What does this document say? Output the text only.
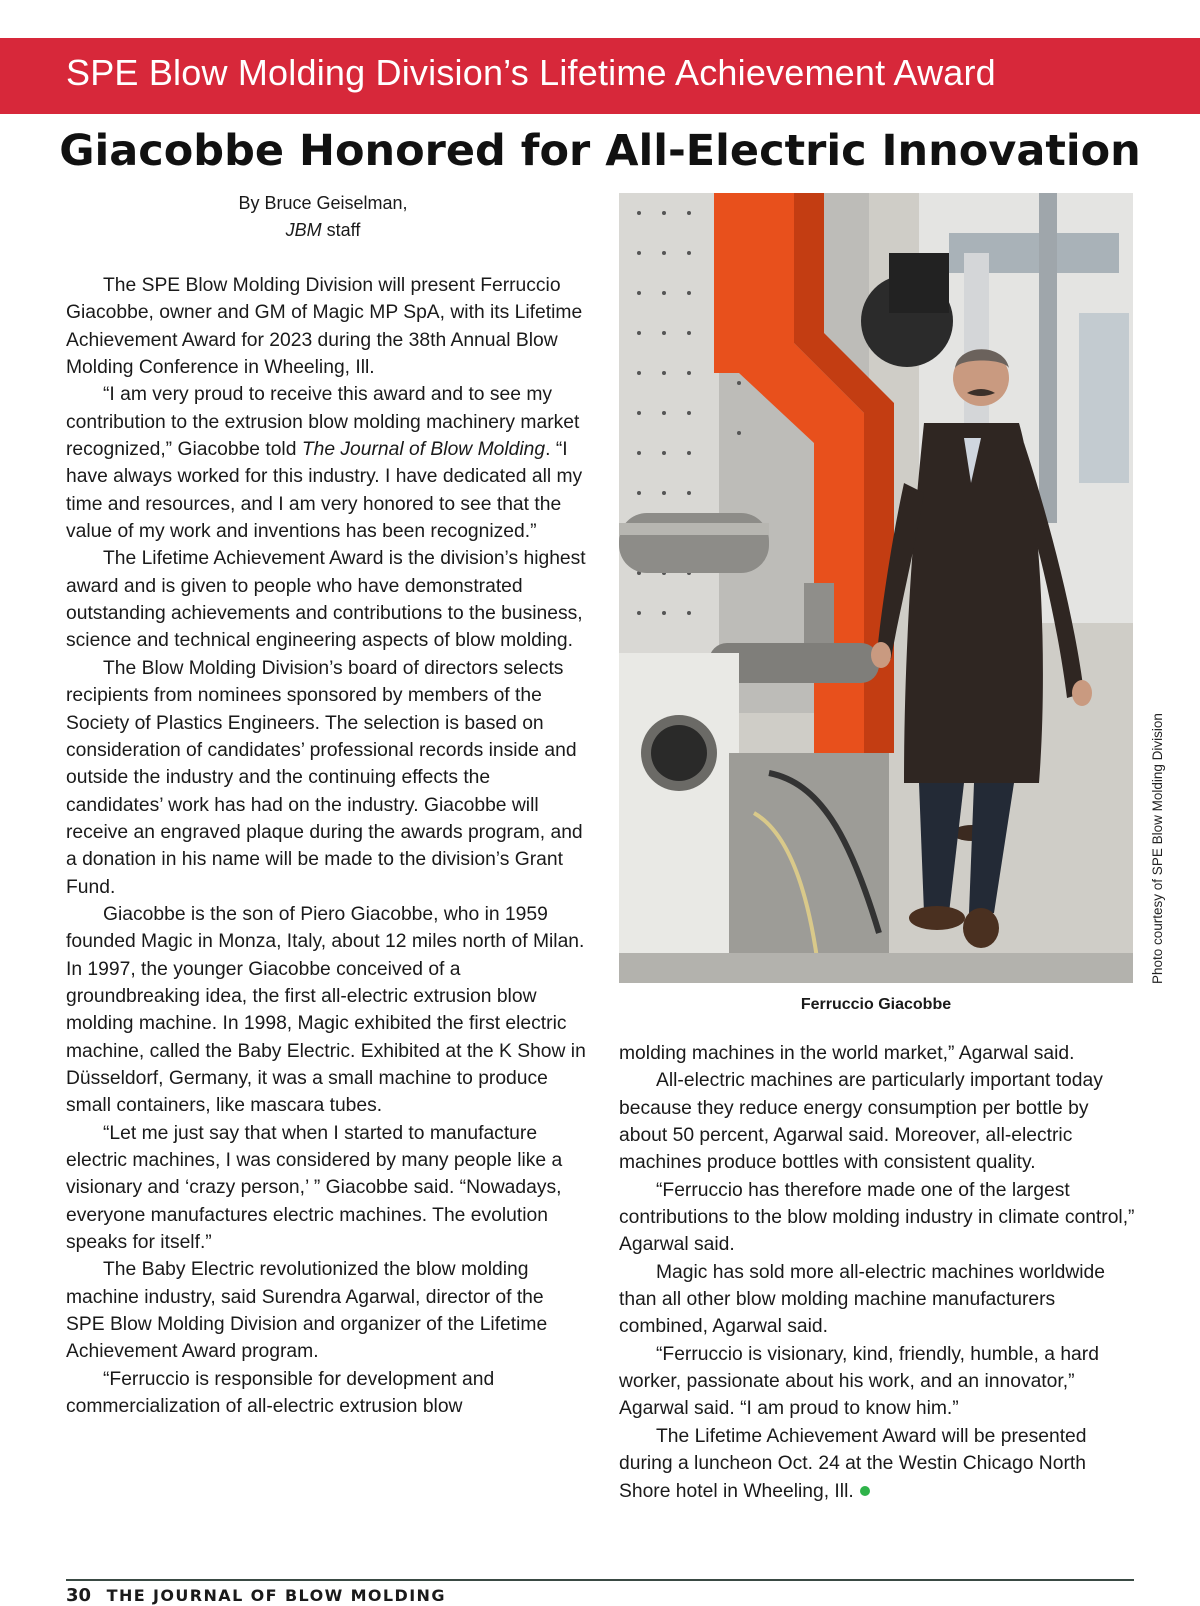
SPE Blow Molding Division’s Lifetime Achievement Award
Giacobbe Honored for All-Electric Innovation
By Bruce Geiselman,
JBM staff

The SPE Blow Molding Division will present Ferruccio Giacobbe, owner and GM of Magic MP SpA, with its Lifetime Achievement Award for 2023 during the 38th Annual Blow Molding Conference in Wheeling, Ill.

“I am very proud to receive this award and to see my contribution to the extrusion blow molding machinery market recognized,” Giacobbe told The Journal of Blow Molding. “I have always worked for this industry. I have dedicated all my time and resources, and I am very honored to see that the value of my work and inventions has been recognized.”

The Lifetime Achievement Award is the division’s highest award and is given to people who have demonstrated outstanding achievements and contributions to the business, science and technical engineering aspects of blow molding.

The Blow Molding Division’s board of directors selects recipients from nominees sponsored by members of the Society of Plastics Engineers. The selection is based on consideration of candidates’ professional records inside and outside the industry and the continuing effects the candidates’ work has had on the industry. Giacobbe will receive an engraved plaque during the awards program, and a donation in his name will be made to the division’s Grant Fund.

Giacobbe is the son of Piero Giacobbe, who in 1959 founded Magic in Monza, Italy, about 12 miles north of Milan. In 1997, the younger Giacobbe conceived of a groundbreaking idea, the first all-electric extrusion blow molding machine. In 1998, Magic exhibited the first electric machine, called the Baby Electric. Exhibited at the K Show in Düsseldorf, Germany, it was a small machine to produce small containers, like mascara tubes.

“Let me just say that when I started to manufacture electric machines, I was considered by many people like a visionary and ‘crazy person,’ ” Giacobbe said. “Nowadays, everyone manufactures electric machines. The evolution speaks for itself.”

The Baby Electric revolutionized the blow molding machine industry, said Surendra Agarwal, director of the SPE Blow Molding Division and organizer of the Lifetime Achievement Award program.

“Ferruccio is responsible for development and commercialization of all-electric extrusion blow

Photo courtesy of SPE Blow Molding Division
Ferruccio Giacobbe

molding machines in the world market,” Agarwal said.

All-electric machines are particularly important today because they reduce energy consumption per bottle by about 50 percent, Agarwal said. Moreover, all-electric machines produce bottles with consistent quality.

“Ferruccio has therefore made one of the largest contributions to the blow molding industry in climate control,” Agarwal said.

Magic has sold more all-electric machines worldwide than all other blow molding machine manufacturers combined, Agarwal said.

“Ferruccio is visionary, kind, friendly, humble, a hard worker, passionate about his work, and an innovator,” Agarwal said. “I am proud to know him.”

The Lifetime Achievement Award will be presented during a luncheon Oct. 24 at the Westin Chicago North Shore hotel in Wheeling, Ill.

30 THE JOURNAL OF BLOW MOLDING
